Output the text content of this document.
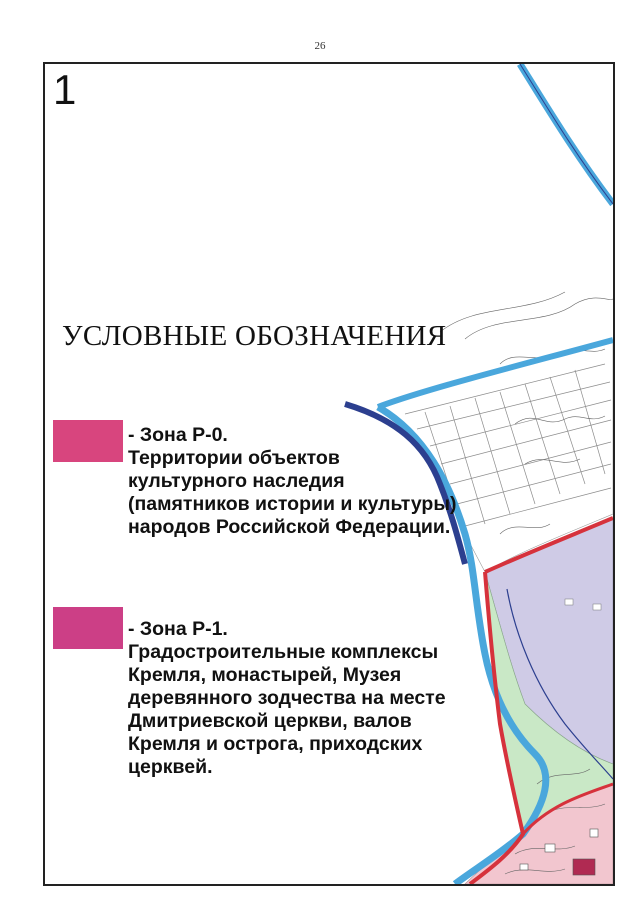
26
1
УСЛОВНЫЕ ОБОЗНАЧЕНИЯ
- Зона Р-0.
Территории объектов культурного наследия (памятников истории и культуры) народов Российской Федерации.
- Зона Р-1.
Градостроительные комплексы Кремля, монастырей, Музея деревянного зодчества на месте Дмитриевской церкви, валов Кремля и острога, приходских церквей.
